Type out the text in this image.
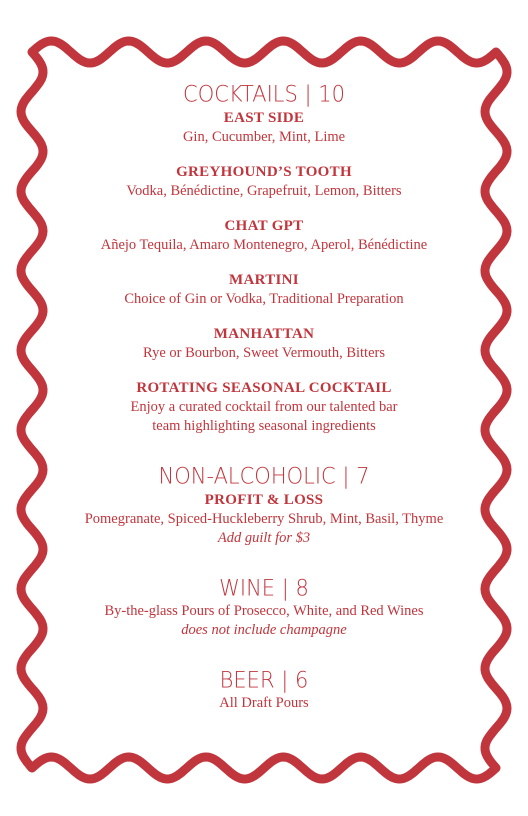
COCKTAILS | 10
EAST SIDE
Gin, Cucumber, Mint, Lime
GREYHOUND’S TOOTH
Vodka, Bénédictine, Grapefruit, Lemon, Bitters
CHAT GPT
Añejo Tequila, Amaro Montenegro, Aperol, Bénédictine
MARTINI
Choice of Gin or Vodka, Traditional Preparation
MANHATTAN
Rye or Bourbon, Sweet Vermouth, Bitters
ROTATING SEASONAL COCKTAIL
Enjoy a curated cocktail from our talented bar
team highlighting seasonal ingredients
NON-ALCOHOLIC | 7
PROFIT & LOSS
Pomegranate, Spiced-Huckleberry Shrub, Mint, Basil, Thyme
Add guilt for $3
WINE | 8
By-the-glass Pours of Prosecco, White, and Red Wines
does not include champagne
BEER | 6
All Draft Pours
